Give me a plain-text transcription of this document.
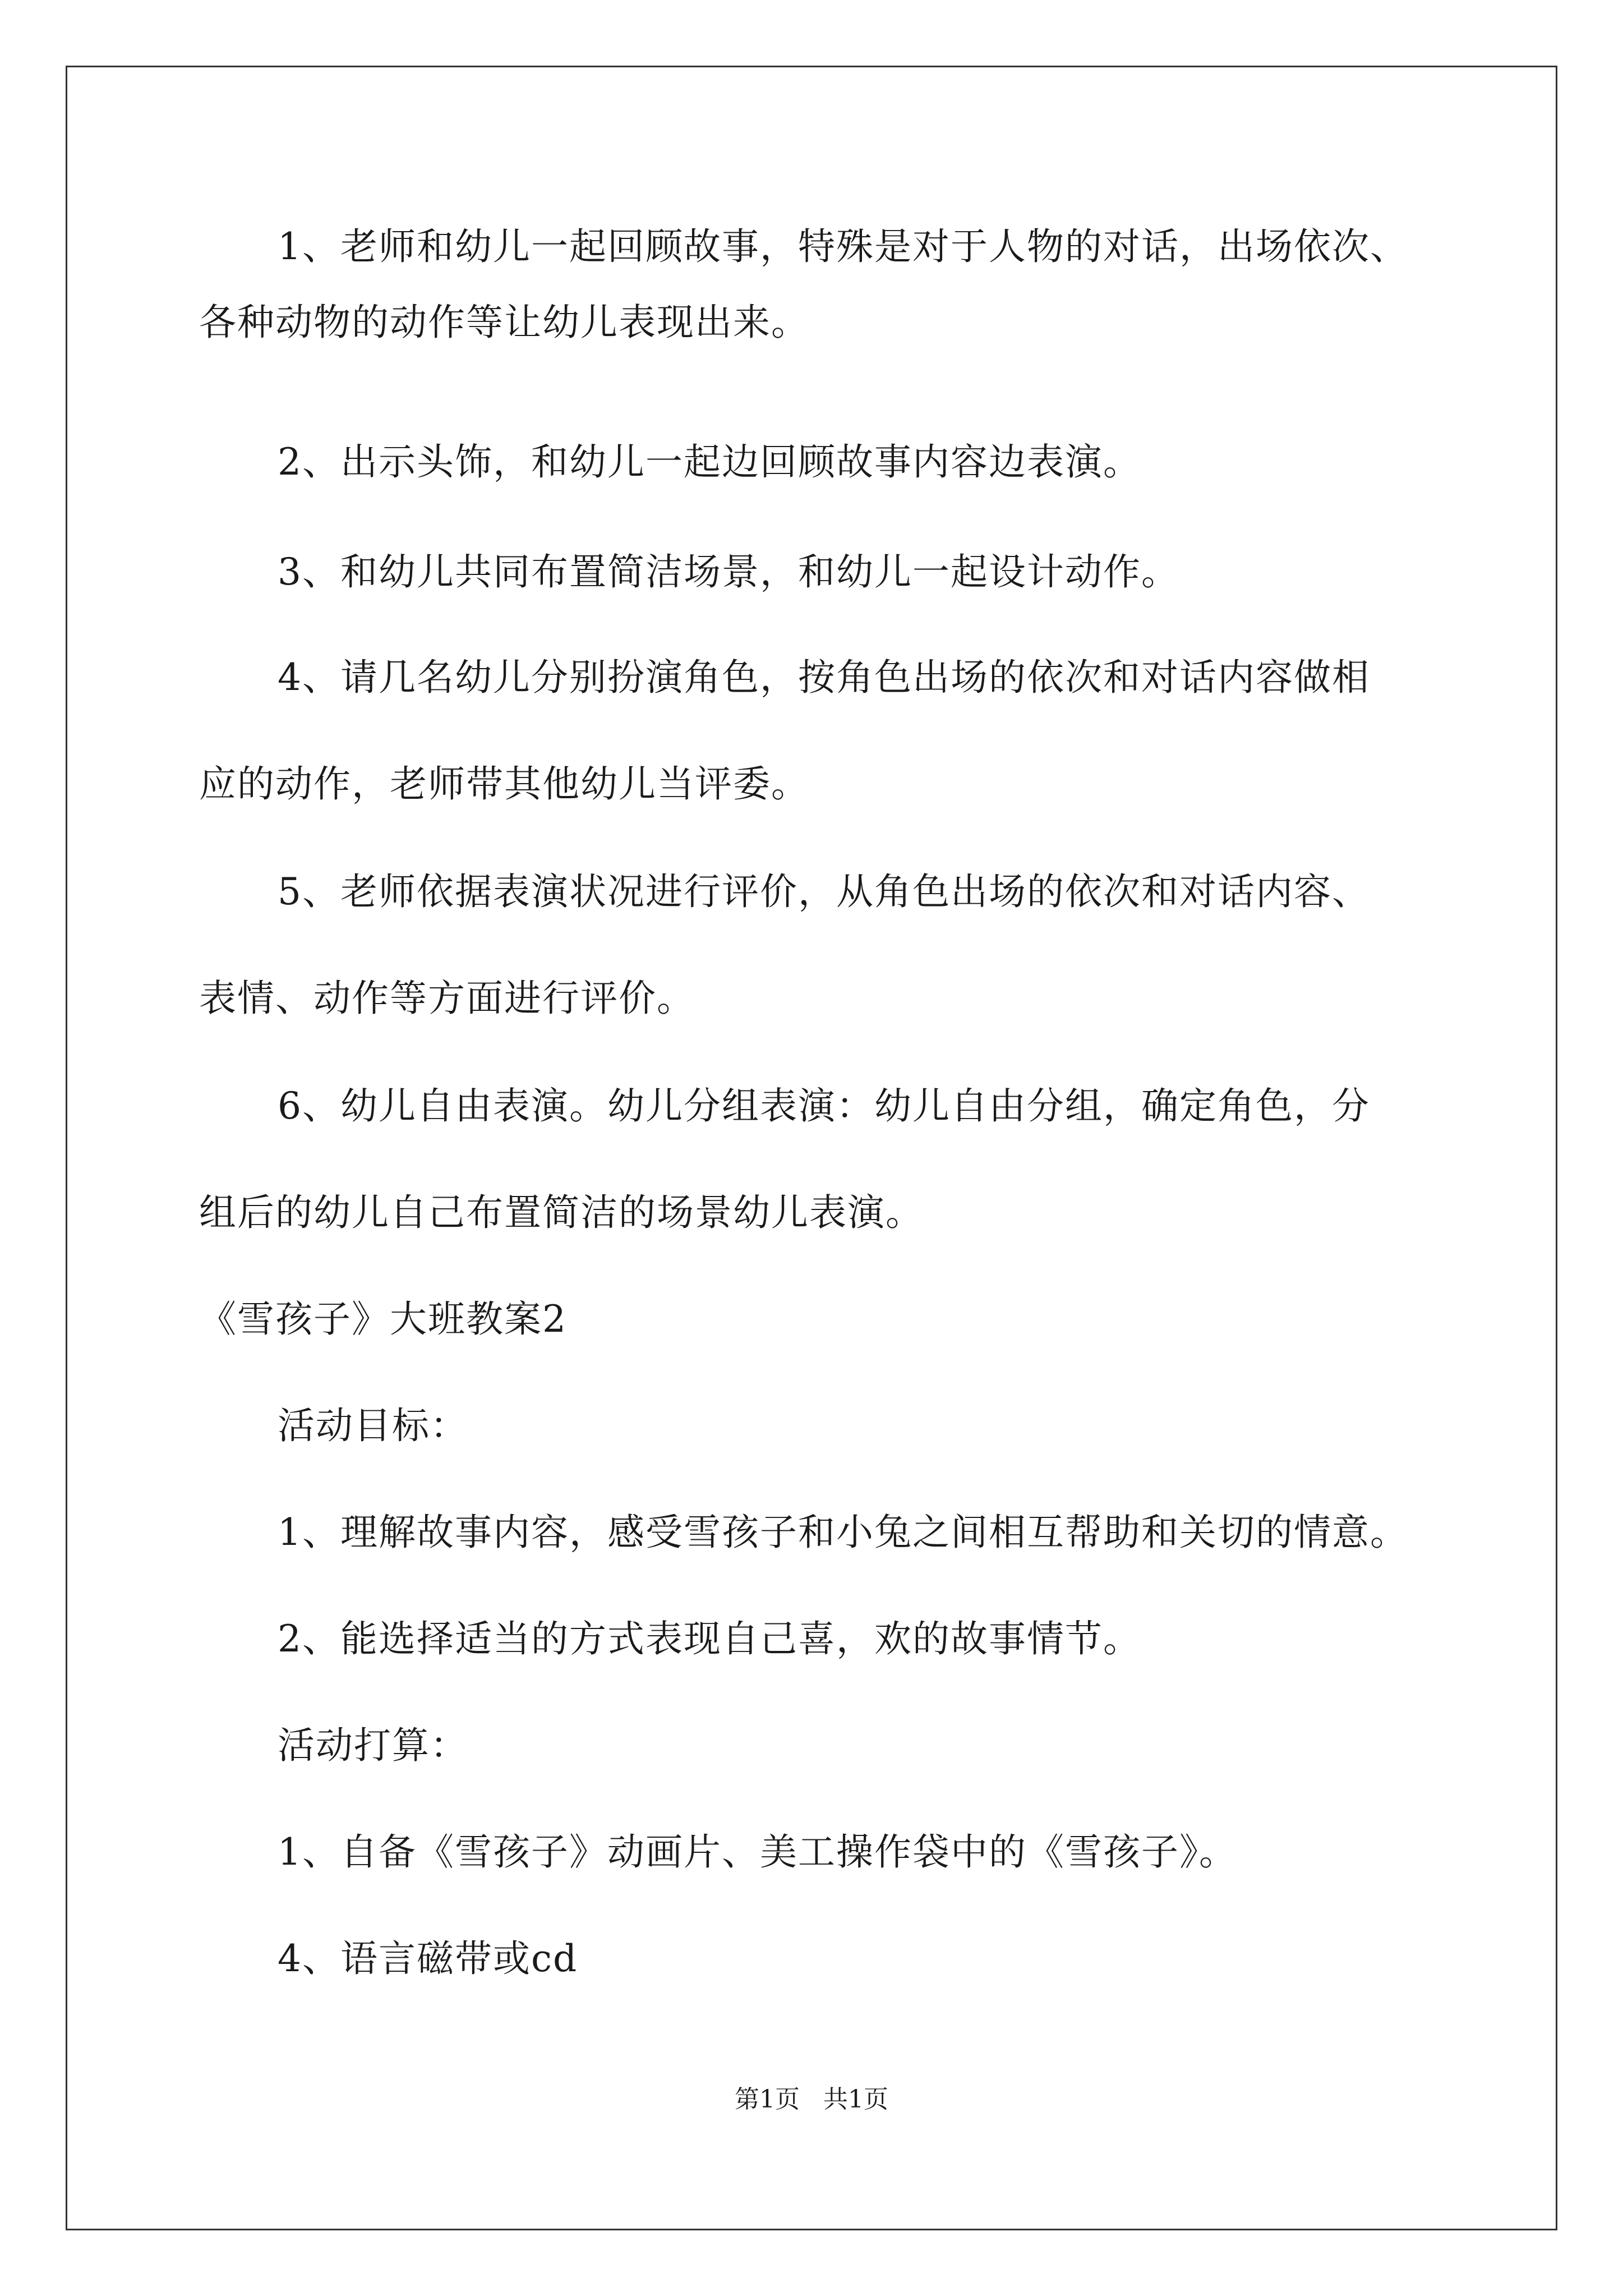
1、老师和幼儿一起回顾故事，特殊是对于人物的对话，出场依次、
各种动物的动作等让幼儿表现出来。
2、出示头饰，和幼儿一起边回顾故事内容边表演。
3、和幼儿共同布置简洁场景，和幼儿一起设计动作。
4、请几名幼儿分别扮演角色，按角色出场的依次和对话内容做相
应的动作，老师带其他幼儿当评委。
5、老师依据表演状况进行评价，从角色出场的依次和对话内容、
表情、动作等方面进行评价。
6、幼儿自由表演。幼儿分组表演：幼儿自由分组，确定角色，分
组后的幼儿自己布置简洁的场景幼儿表演。
《雪孩子》大班教案2
活动目标：
1、理解故事内容，感受雪孩子和小兔之间相互帮助和关切的情意。
2、能选择适当的方式表现自己喜，欢的故事情节。
活动打算：
1、自备《雪孩子》动画片、美工操作袋中的《雪孩子》。
4、语言磁带或cd
第1页   共1页
